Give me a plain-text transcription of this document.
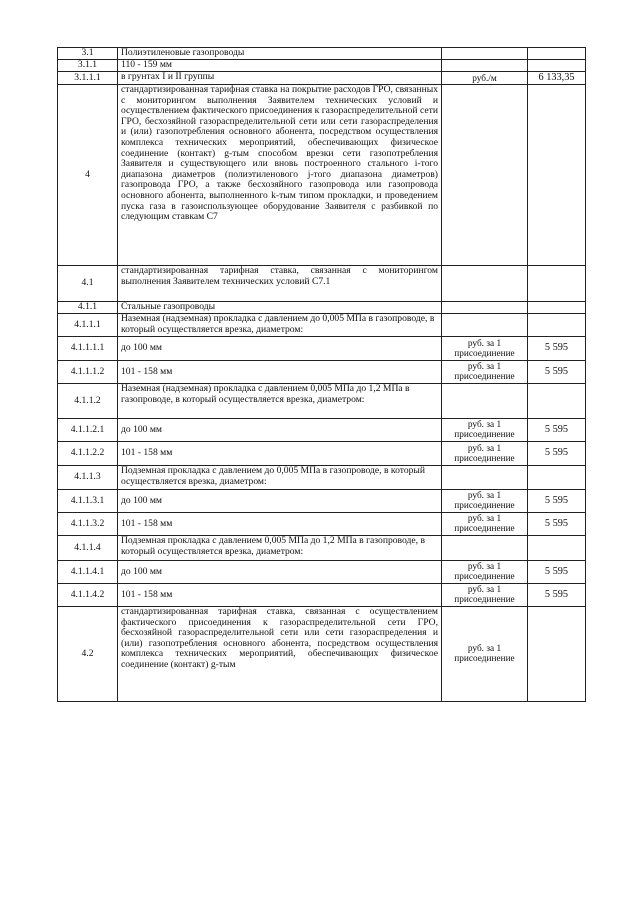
3.1	Полиэтиленовые газопроводы		
3.1.1	110 - 159 мм		
3.1.1.1	в грунтах I и II группы	руб./м	6 133,35
4	стандартизированная тарифная ставка на покрытие расходов ГРО, связанных с мониторингом выполнения Заявителем технических условий и осуществлением фактического присоединения к газораспределительной сети ГРО, бесхозяйной газораспределительной сети или сети газораспределения и (или) газопотребления основного абонента, посредством осуществления комплекса технических мероприятий, обеспечивающих физическое соединение (контакт) g-тым способом врезки сети газопотребления Заявителя и существующего или вновь построенного стального i-того диапазона диаметров (полиэтиленового j-того диапазона диаметров) газопровода ГРО, а также бесхозяйного газопровода или газопровода основного абонента, выполненного k-тым типом прокладки, и проведением пуска газа в газоиспользующее оборудование Заявителя с разбивкой по следующим ставкам С7		
4.1	стандартизированная тарифная ставка, связанная с мониторингом выполнения Заявителем технических условий С7.1		
4.1.1	Стальные газопроводы		
4.1.1.1	Наземная (надземная) прокладка с давлением до 0,005 МПа в газопроводе, в который осуществляется врезка, диаметром:		
4.1.1.1.1	до 100 мм	руб. за 1 присоединение	5 595
4.1.1.1.2	101 - 158 мм	руб. за 1 присоединение	5 595
4.1.1.2	Наземная (надземная) прокладка с давлением 0,005 МПа до 1,2 МПа в газопроводе, в который осуществляется врезка, диаметром:		
4.1.1.2.1	до 100 мм	руб. за 1 присоединение	5 595
4.1.1.2.2	101 - 158 мм	руб. за 1 присоединение	5 595
4.1.1.3	Подземная прокладка с давлением до 0,005 МПа в газопроводе, в который осуществляется врезка, диаметром:		
4.1.1.3.1	до 100 мм	руб. за 1 присоединение	5 595
4.1.1.3.2	101 - 158 мм	руб. за 1 присоединение	5 595
4.1.1.4	Подземная прокладка с давлением 0,005 МПа до 1,2 МПа в газопроводе, в который осуществляется врезка, диаметром:		
4.1.1.4.1	до 100 мм	руб. за 1 присоединение	5 595
4.1.1.4.2	101 - 158 мм	руб. за 1 присоединение	5 595
4.2	стандартизированная тарифная ставка, связанная с осуществлением фактического присоединения к газораспределительной сети ГРО, бесхозяйной газораспределительной сети или сети газораспределения и (или) газопотребления основного абонента, посредством осуществления комплекса технических мероприятий, обеспечивающих физическое соединение (контакт) g-тым	руб. за 1 присоединение	
